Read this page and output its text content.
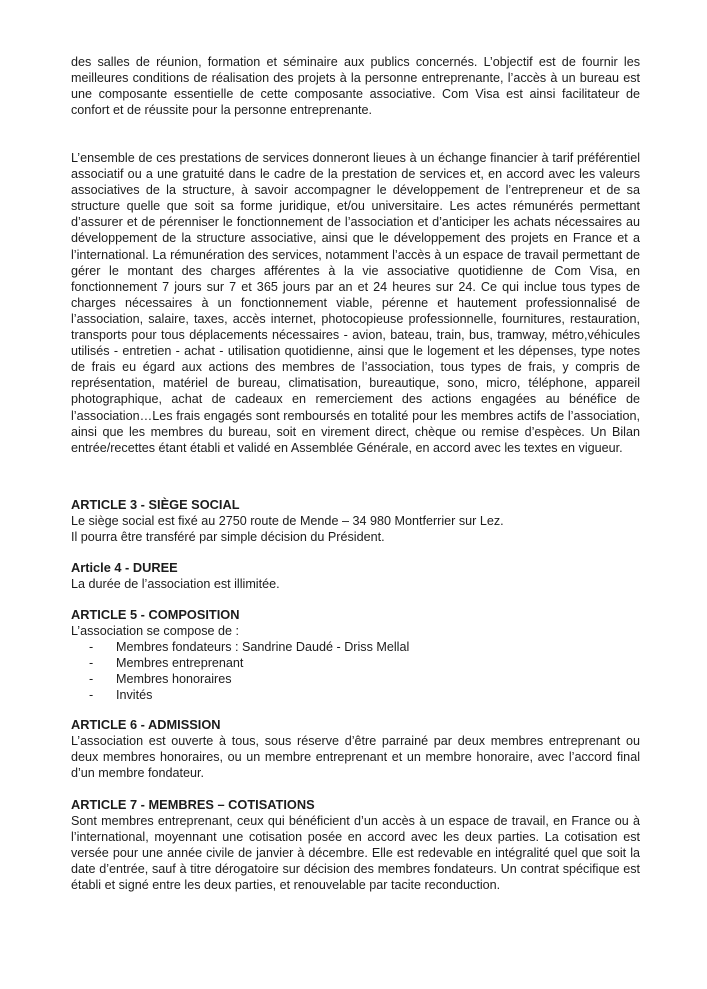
des salles de réunion, formation et séminaire aux publics concernés. L’objectif est de fournir les meilleures conditions de réalisation des projets à la personne entreprenante, l’accès à un bureau est une composante essentielle de cette composante associative. Com Visa est ainsi facilitateur de confort et de réussite pour la personne entreprenante.

L’ensemble de ces prestations de services donneront lieues à un échange financier à tarif préférentiel associatif ou a une gratuité dans le cadre de la prestation de services et, en accord avec les valeurs associatives de la structure, à savoir accompagner le développement de l’entrepreneur et de sa structure quelle que soit sa forme juridique, et/ou universitaire. Les actes rémunérés permettant d’assurer et de pérenniser le fonctionnement de l’association et d’anticiper les achats nécessaires au développement de la structure associative, ainsi que le développement des projets en France et a l’international. La rémunération des services, notamment l’accès à un espace de travail permettant de gérer le montant des charges afférentes à la vie associative quotidienne de Com Visa, en fonctionnement 7 jours sur 7 et 365 jours par an et 24 heures sur 24. Ce qui inclue tous types de charges nécessaires à un fonctionnement viable, pérenne et hautement professionnalisé de l’association, salaire, taxes, accès internet, photocopieuse professionnelle, fournitures, restauration, transports pour tous déplacements nécessaires - avion, bateau, train, bus, tramway, métro,véhicules utilisés - entretien - achat - utilisation quotidienne, ainsi que le logement et les dépenses, type notes de frais eu égard aux actions des membres de l’association, tous types de frais, y compris de représentation, matériel de bureau, climatisation, bureautique, sono, micro, téléphone, appareil photographique, achat de cadeaux en remerciement des actions engagées au bénéfice de l’association…Les frais engagés sont remboursés en totalité pour les membres actifs de l’association, ainsi que les membres du bureau, soit en virement direct, chèque ou remise d’espèces. Un Bilan entrée/recettes étant établi et validé en Assemblée Générale, en accord avec les textes en vigueur.

ARTICLE 3 - SIÈGE SOCIAL

Le siège social est fixé au 2750 route de Mende – 34 980 Montferrier sur Lez.

Il pourra être transféré par simple décision du Président.

Article 4 - DUREE

La durée de l’association est illimitée.

ARTICLE 5 - COMPOSITION

L’association se compose de :

- Membres fondateurs : Sandrine Daudé - Driss Mellal
- Membres entreprenant
- Membres honoraires
- Invités
ARTICLE 6 - ADMISSION

L’association est ouverte à tous, sous réserve d’être parrainé par deux membres entreprenant ou deux membres honoraires, ou un membre entreprenant et un membre honoraire, avec l’accord final d’un membre fondateur.

ARTICLE 7 - MEMBRES – COTISATIONS

Sont membres entreprenant, ceux qui bénéficient d’un accès à un espace de travail, en France ou à l’international, moyennant une cotisation posée en accord avec les deux parties. La cotisation est versée pour une année civile de janvier à décembre. Elle est redevable en intégralité quel que soit la date d’entrée, sauf à titre dérogatoire sur décision des membres fondateurs. Un contrat spécifique est établi et signé entre les deux parties, et renouvelable par tacite reconduction.
